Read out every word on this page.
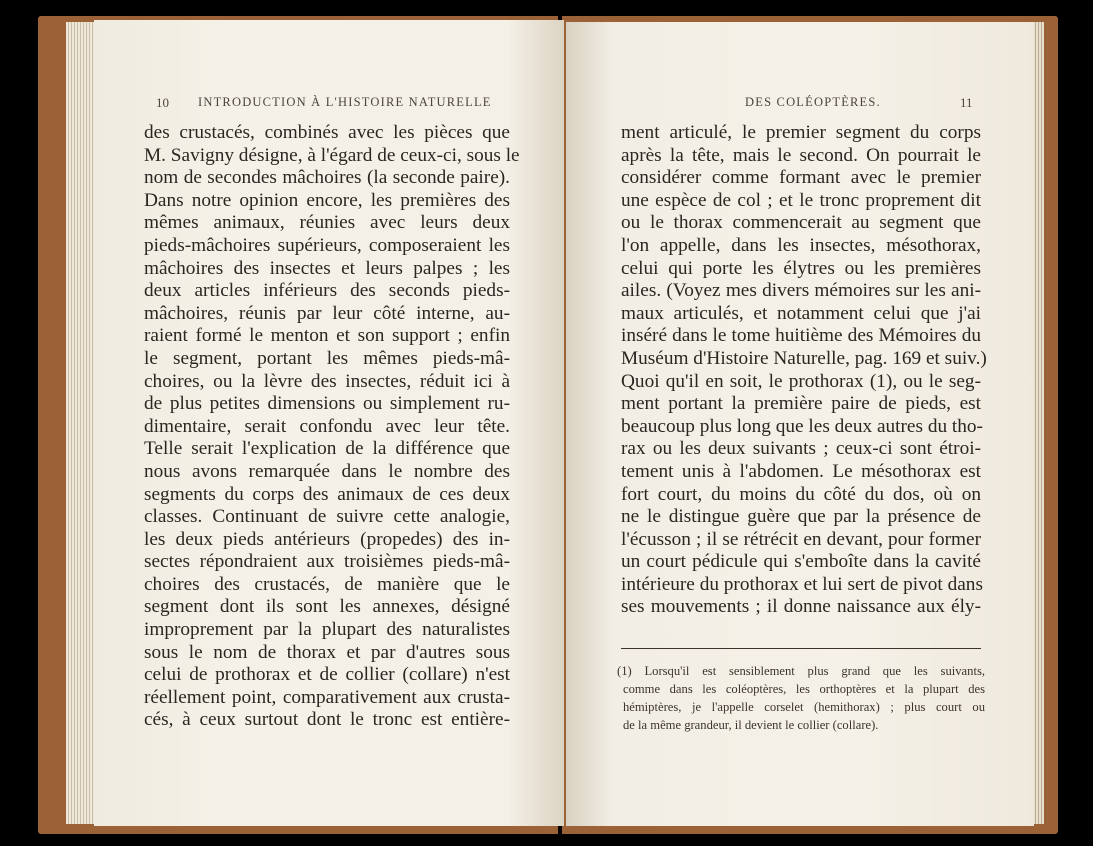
10 INTRODUCTION À L'HISTOIRE NATURELLE	DES COLÉOPTÈRES.	11
des crustacés, combinés avec les pièces que
M. Savigny désigne, à l'égard de ceux-ci, sous le
nom de secondes mâchoires (la seconde paire).
Dans notre opinion encore, les premières des
mêmes animaux, réunies avec leurs deux
pieds-mâchoires supérieurs, composeraient les
mâchoires des insectes et leurs palpes ; les
deux articles inférieurs des seconds pieds-
mâchoires, réunis par leur côté interne, au-
raient formé le menton et son support ; enfin
le segment, portant les mêmes pieds-mâ-
choires, ou la lèvre des insectes, réduit ici à
de plus petites dimensions ou simplement ru-
dimentaire, serait confondu avec leur tête.
Telle serait l'explication de la différence que
nous avons remarquée dans le nombre des
segments du corps des animaux de ces deux
classes. Continuant de suivre cette analogie,
les deux pieds antérieurs (propedes) des in-
sectes répondraient aux troisièmes pieds-mâ-
choires des crustacés, de manière que le
segment dont ils sont les annexes, désigné
improprement par la plupart des naturalistes
sous le nom de thorax et par d'autres sous
celui de prothorax et de collier (collare) n'est
réellement point, comparativement aux crusta-
cés, à ceux surtout dont le tronc est entière-
ment articulé, le premier segment du corps
après la tête, mais le second. On pourrait le
considérer comme formant avec le premier
une espèce de col ; et le tronc proprement dit
ou le thorax commencerait au segment que
l'on appelle, dans les insectes, mésothorax,
celui qui porte les élytres ou les premières
ailes. (Voyez mes divers mémoires sur les ani-
maux articulés, et notamment celui que j'ai
inséré dans le tome huitième des Mémoires du
Muséum d'Histoire Naturelle, pag. 169 et suiv.)
Quoi qu'il en soit, le prothorax (1), ou le seg-
ment portant la première paire de pieds, est
beaucoup plus long que les deux autres du tho-
rax ou les deux suivants ; ceux-ci sont étroi-
tement unis à l'abdomen. Le mésothorax est
fort court, du moins du côté du dos, où on
ne le distingue guère que par la présence de
l'écusson ; il se rétrécit en devant, pour former
un court pédicule qui s'emboîte dans la cavité
intérieure du prothorax et lui sert de pivot dans
ses mouvements ; il donne naissance aux ély-
(1) Lorsqu'il est sensiblement plus grand que les suivants,
comme dans les coléoptères, les orthoptères et la plupart des
hémiptères, je l'appelle corselet (hemithorax) ; plus court ou
de la même grandeur, il devient le collier (collare).
